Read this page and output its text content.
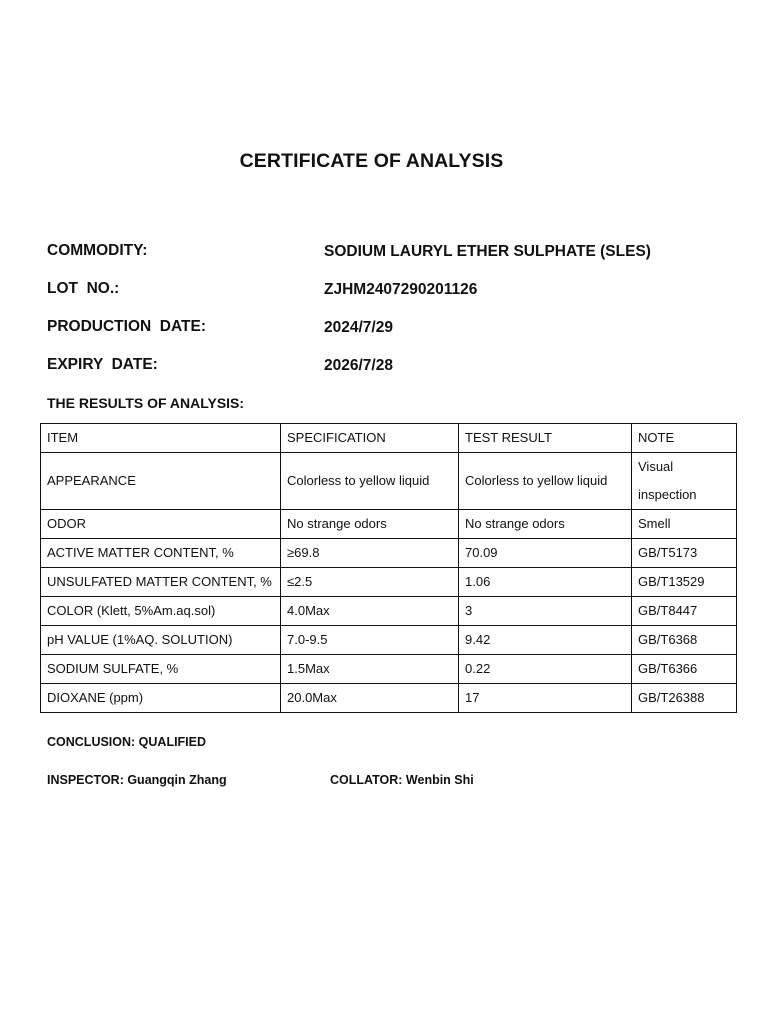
CERTIFICATE OF ANALYSIS
COMMODITY:	SODIUM LAURYL ETHER SULPHATE (SLES)
LOT  NO.:	ZJHM2407290201126
PRODUCTION  DATE:	2024/7/29
EXPIRY  DATE:	2026/7/28
THE RESULTS OF ANALYSIS:
ITEM	SPECIFICATION	TEST RESULT	NOTE
APPEARANCE	Colorless to yellow liquid	Colorless to yellow liquid	Visual inspection
ODOR	No strange odors	No strange odors	Smell
ACTIVE MATTER CONTENT, %	≥69.8	70.09	GB/T5173
UNSULFATED MATTER CONTENT, %	≤2.5	1.06	GB/T13529
COLOR (Klett, 5%Am.aq.sol)	4.0Max	3	GB/T8447
pH VALUE (1%AQ. SOLUTION)	7.0-9.5	9.42	GB/T6368
SODIUM SULFATE, %	1.5Max	0.22	GB/T6366
DIOXANE (ppm)	20.0Max	17	GB/T26388
CONCLUSION: QUALIFIED
INSPECTOR: Guangqin Zhang	COLLATOR: Wenbin Shi
